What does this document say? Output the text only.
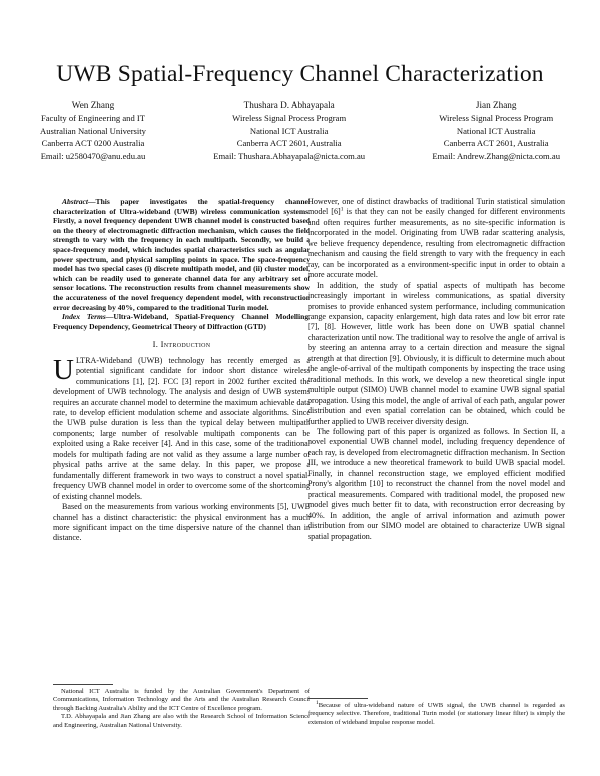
UWB Spatial-Frequency Channel Characterization
Wen Zhang
Faculty of Engineering and IT
Australian National University
Canberra ACT 0200 Australia
Email: u2580470@anu.edu.au
Thushara D. Abhayapala
Wireless Signal Process Program
National ICT Australia
Canberra ACT 2601, Australia
Email: Thushara.Abhayapala@nicta.com.au
Jian Zhang
Wireless Signal Process Program
National ICT Australia
Canberra ACT 2601, Australia
Email: Andrew.Zhang@nicta.com.au

Abstract—This paper investigates the spatial-frequency channel characterization of Ultra-wideband (UWB) wireless communication systems. Firstly, a novel frequency dependent UWB channel model is constructed based on the theory of electromagnetic diffraction mechanism, which causes the field strength to vary with the frequency in each multipath. Secondly, we build a space-frequency model, which includes spatial characteristics such as angular power spectrum, and physical sampling points in space. The space-frequency model has two special cases (i) discrete multipath model, and (ii) cluster model, which can be readily used to generate channel data for any arbitrary set of sensor locations. The reconstruction results from channel measurements show the accurateness of the novel frequency dependent model, with reconstruction error decreasing by 40%, compared to the traditional Turin model.

Index Terms—Ultra-Wideband, Spatial-Frequency Channel Modelling, Frequency Dependency, Geometrical Theory of Diffraction (GTD)

I. Introduction

ULTRA-Wideband (UWB) technology has recently emerged as a potential significant candidate for indoor short distance wireless communications [1], [2]. FCC [3] report in 2002 further excited the development of UWB technology. The analysis and design of UWB systems requires an accurate channel model to determine the maximum achievable data rate, to develop efficient modulation scheme and associate algorithms. Since the UWB pulse duration is less than the typical delay between multipath components; large number of resolvable multipath components can be exploited using a Rake receiver [4]. And in this case, some of the traditional models for multipath fading are not valid as they assume a large number of physical paths arrive at the same delay. In this paper, we propose a fundamentally different framework in two ways to construct a novel spatial-frequency UWB channel model in order to overcome some of the shortcoming of existing channel models.

Based on the measurements from various working environments [5], UWB channel has a distinct characteristic: the physical environment has a much more significant impact on the time dispersive nature of the channel than in distance.

National ICT Australia is funded by the Australian Government's Department of Communications, Information Technology and the Arts and the Australian Research Council through Backing Australia's Ability and the ICT Centre of Excellence program.

T.D. Abhayapala and Jian Zhang are also with the Research School of Information Science and Engineering, Australian National University.

However, one of distinct drawbacks of traditional Turin statistical simulation model $[6]^1$ is that they can not be easily changed for different environments and often requires further measurements, as no site-specific information is incorporated in the model. Originating from UWB radar scattering analysis, we believe frequency dependence, resulting from electromagnetic diffraction mechanism and causing the field strength to vary with the frequency in each ray, can be incorporated as a environment-specific input in order to obtain a more accurate model.

In addition, the study of spatial aspects of multipath has become increasingly important in wireless communications, as spatial diversity promises to provide enhanced system performance, including communication range expansion, capacity enlargement, high data rates and low bit error rate [7], [8]. However, little work has been done on UWB spatial channel characterization until now. The traditional way to resolve the angle of arrival is by steering an antenna array to a certain direction and measure the signal strength at that direction [9]. Obviously, it is difficult to determine much about the angle-of-arrival of the multipath components by inspecting the trace using traditional methods. In this work, we develop a new theoretical single input multiple output (SIMO) UWB channel model to examine UWB signal spatial propagation. Using this model, the angle of arrival of each path, angular power distribution and even spatial correlation can be obtained, which could be further applied to UWB receiver diversity design.

The following part of this paper is organized as follows. In Section II, a novel exponential UWB channel model, including frequency dependence of each ray, is developed from electromagnetic diffraction mechanism. In Section III, we introduce a new theoretical framework to build UWB spacial model. Finally, in channel reconstruction stage, we employed efficient modified Prony's algorithm [10] to reconstruct the channel from the novel model and practical measurements. Compared with traditional model, the proposed new model gives much better fit to data, with reconstruction error decreasing by 40%. In addition, the angle of arrival information and azimuth power distribution from our SIMO model are obtained to characterize UWB signal spatial propagation.

$^1$Because of ultra-wideband nature of UWB signal, the UWB channel is regarded as frequency selective. Therefore, traditional Turin model (or stationary linear filter) is simply the extension of wideband impulse response model.
